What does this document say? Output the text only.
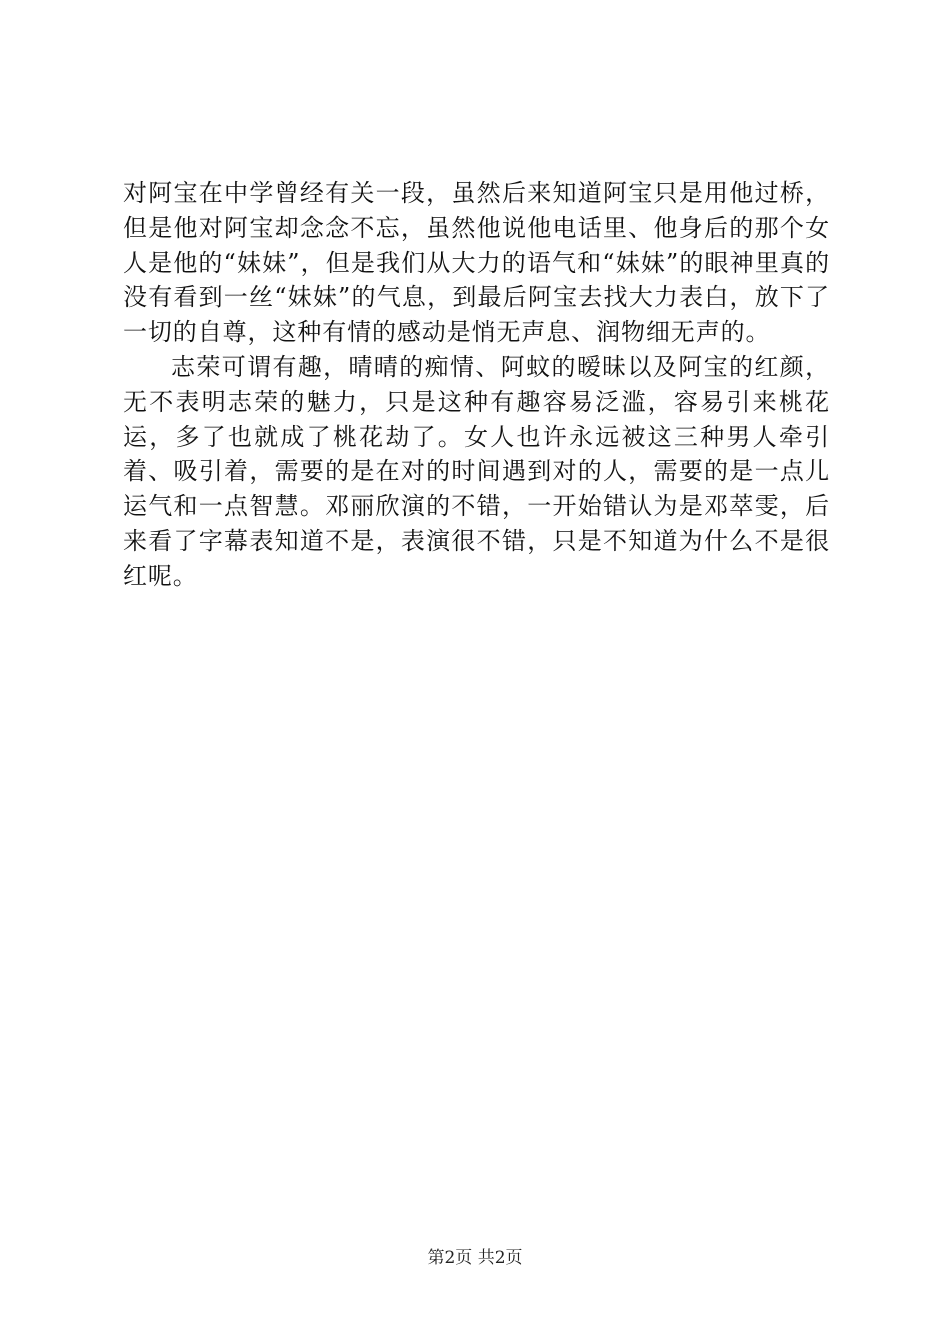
对阿宝在中学曾经有关一段，虽然后来知道阿宝只是用他过桥，但是他对阿宝却念念不忘，虽然他说他电话里、他身后的那个女人是他的“妹妹”，但是我们从大力的语气和“妹妹”的眼神里真的没有看到一丝“妹妹”的气息，到最后阿宝去找大力表白，放下了一切的自尊，这种有情的感动是悄无声息、润物细无声的。

志荣可谓有趣，晴晴的痴情、阿蚊的暧昧以及阿宝的红颜，无不表明志荣的魅力，只是这种有趣容易泛滥，容易引来桃花运，多了也就成了桃花劫了。女人也许永远被这三种男人牵引着、吸引着，需要的是在对的时间遇到对的人，需要的是一点儿运气和一点智慧。邓丽欣演的不错，一开始错认为是邓萃雯，后来看了字幕表知道不是，表演很不错，只是不知道为什么不是很红呢。

第2页 共2页
